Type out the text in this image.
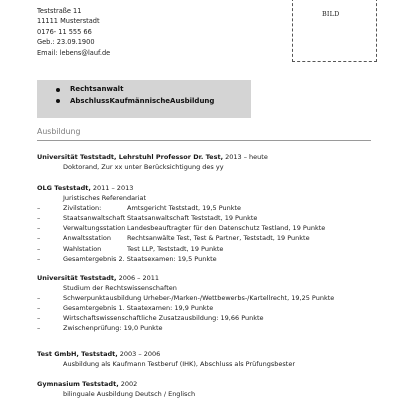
Teststraße 11
11111 Musterstadt
0176- 11 555 66
Geb.: 23.09.1900
Email: lebens@lauf.de
BILD
Rechtsanwalt
AbschlussKaufmännischeAusbildung
Ausbildung
Universität Teststadt, Lehrstuhl Professor Dr. Test, 2013 – heute
Doktorand, Zur xx unter Berücksichtigung des yy
OLG Teststadt, 2011 – 2013
Juristisches Referendariat
– Zivilstation:	Amtsgericht Teststadt, 19,5 Punkte
– Staatsanwaltschaft Staatsanwaltschaft Teststadt, 19 Punkte
– Verwaltungsstation Landesbeauftragter für den Datenschutz Testland, 19 Punkte
– Anwaltsstation Rechtsanwälte Test, Test & Partner, Teststadt, 19 Punkte
– Wahlstation	Test LLP, Teststadt, 19 Punkte
– Gesamtergebnis 2. Staatsexamen: 19,5 Punkte
Universität Teststadt, 2006 – 2011
Studium der Rechtswissenschaften
– Schwerpunktausbildung Urheber-/Marken-/Wettbewerbs-/Kartellrecht, 19,25 Punkte
– Gesamtergebnis 1. Staatexamen: 19,9 Punkte
– Wirtschaftswissenschaftliche Zusatzausbildung: 19,66 Punkte
– Zwischenprüfung: 19,0 Punkte
Test GmbH, Teststadt, 2003 – 2006
Ausbildung als Kaufmann Testberuf (IHK), Abschluss als Prüfungsbester
Gymnasium Teststadt, 2002
bilinguale Ausbildung Deutsch / Englisch
